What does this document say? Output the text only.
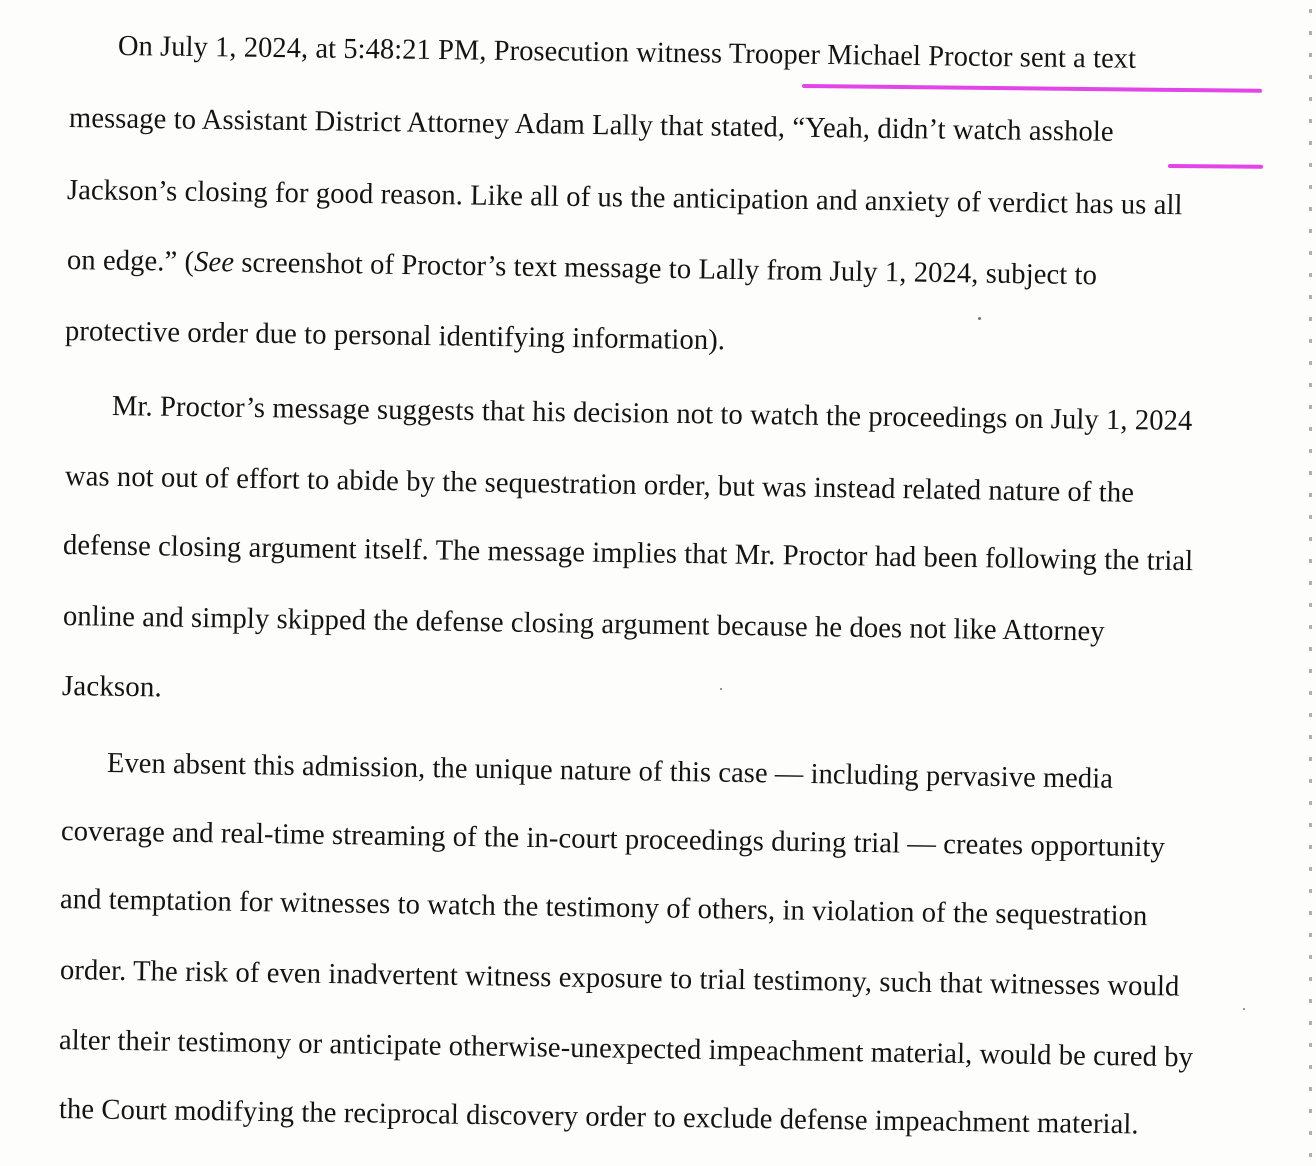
On July 1, 2024, at 5:48:21 PM, Prosecution witness Trooper Michael Proctor sent a text
message to Assistant District Attorney Adam Lally that stated, “Yeah, didn’t watch asshole
Jackson’s closing for good reason. Like all of us the anticipation and anxiety of verdict has us all
on edge.” (See screenshot of Proctor’s text message to Lally from July 1, 2024, subject to
protective order due to personal identifying information).
Mr. Proctor’s message suggests that his decision not to watch the proceedings on July 1, 2024
was not out of effort to abide by the sequestration order, but was instead related nature of the
defense closing argument itself. The message implies that Mr. Proctor had been following the trial
online and simply skipped the defense closing argument because he does not like Attorney
Jackson.
Even absent this admission, the unique nature of this case — including pervasive media
coverage and real-time streaming of the in-court proceedings during trial — creates opportunity
and temptation for witnesses to watch the testimony of others, in violation of the sequestration
order. The risk of even inadvertent witness exposure to trial testimony, such that witnesses would
alter their testimony or anticipate otherwise-unexpected impeachment material, would be cured by
the Court modifying the reciprocal discovery order to exclude defense impeachment material.
